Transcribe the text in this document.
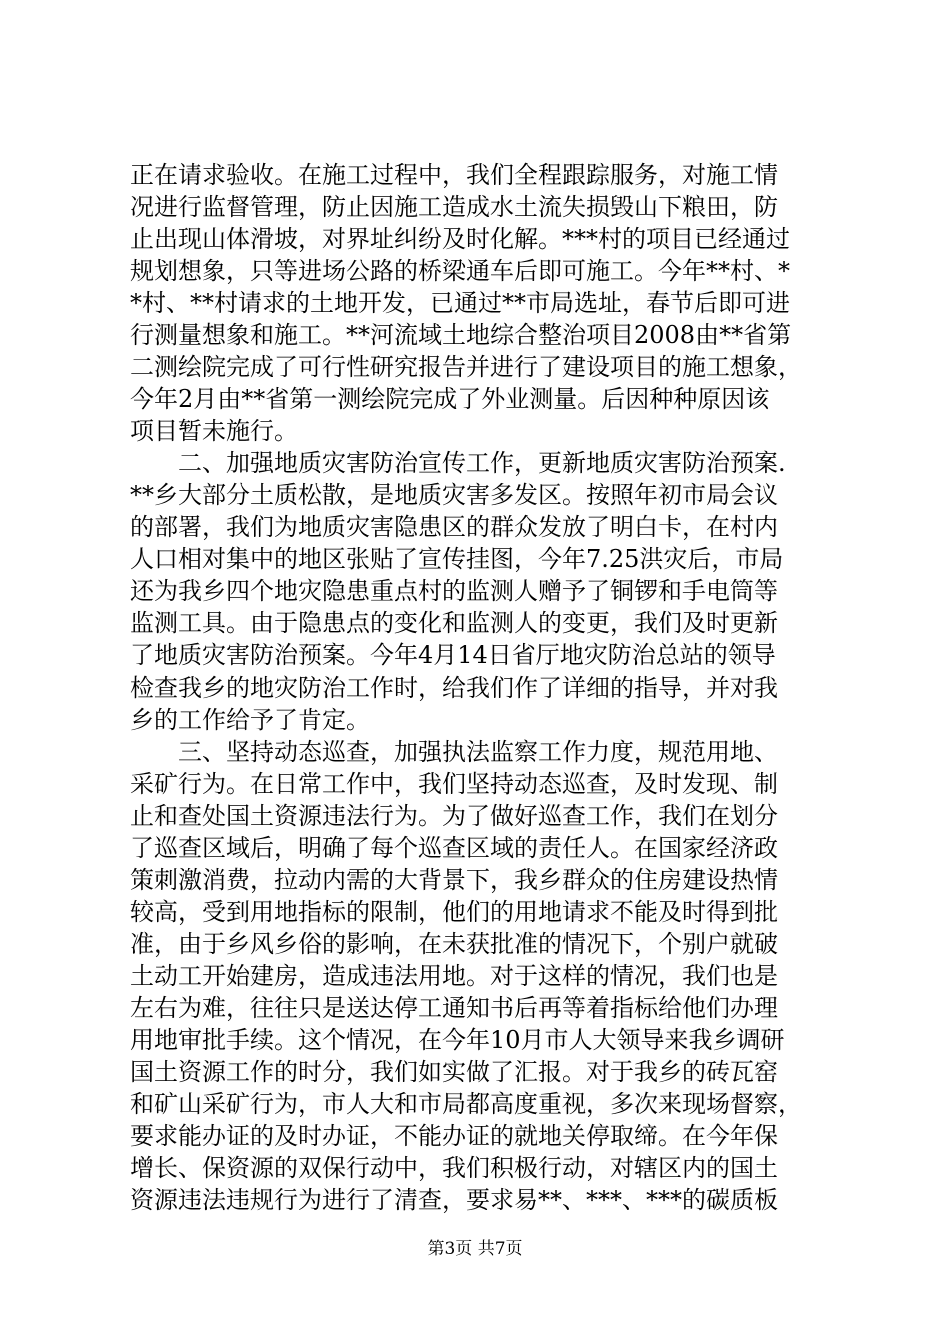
正在请求验收。在施工过程中，我们全程跟踪服务，对施工情
况进行监督管理，防止因施工造成水土流失损毁山下粮田，防
止出现山体滑坡，对界址纠纷及时化解。***村的项目已经通过
规划想象，只等进场公路的桥梁通车后即可施工。今年**村、*
*村、**村请求的土地开发，已通过**市局选址，春节后即可进
行测量想象和施工。**河流域土地综合整治项目2008由**省第
二测绘院完成了可行性研究报告并进行了建设项目的施工想象，
今年2月由**省第一测绘院完成了外业测量。后因种种原因该
项目暂未施行。
　　二、加强地质灾害防治宣传工作，更新地质灾害防治预案.
**乡大部分土质松散，是地质灾害多发区。按照年初市局会议
的部署，我们为地质灾害隐患区的群众发放了明白卡，在村内
人口相对集中的地区张贴了宣传挂图，今年7.25洪灾后，市局
还为我乡四个地灾隐患重点村的监测人赠予了铜锣和手电筒等
监测工具。由于隐患点的变化和监测人的变更，我们及时更新
了地质灾害防治预案。今年4月14日省厅地灾防治总站的领导
检查我乡的地灾防治工作时，给我们作了详细的指导，并对我
乡的工作给予了肯定。
　　三、坚持动态巡查，加强执法监察工作力度，规范用地、
采矿行为。在日常工作中，我们坚持动态巡查，及时发现、制
止和查处国土资源违法行为。为了做好巡查工作，我们在划分
了巡查区域后，明确了每个巡查区域的责任人。在国家经济政
策刺激消费，拉动内需的大背景下，我乡群众的住房建设热情
较高，受到用地指标的限制，他们的用地请求不能及时得到批
准，由于乡风乡俗的影响，在未获批准的情况下，个别户就破
土动工开始建房，造成违法用地。对于这样的情况，我们也是
左右为难，往往只是送达停工通知书后再等着指标给他们办理
用地审批手续。这个情况，在今年10月市人大领导来我乡调研
国土资源工作的时分，我们如实做了汇报。对于我乡的砖瓦窑
和矿山采矿行为，市人大和市局都高度重视，多次来现场督察，
要求能办证的及时办证，不能办证的就地关停取缔。在今年保
增长、保资源的双保行动中，我们积极行动，对辖区内的国土
资源违法违规行为进行了清查，要求易**、***、***的碳质板
第3页 共7页
